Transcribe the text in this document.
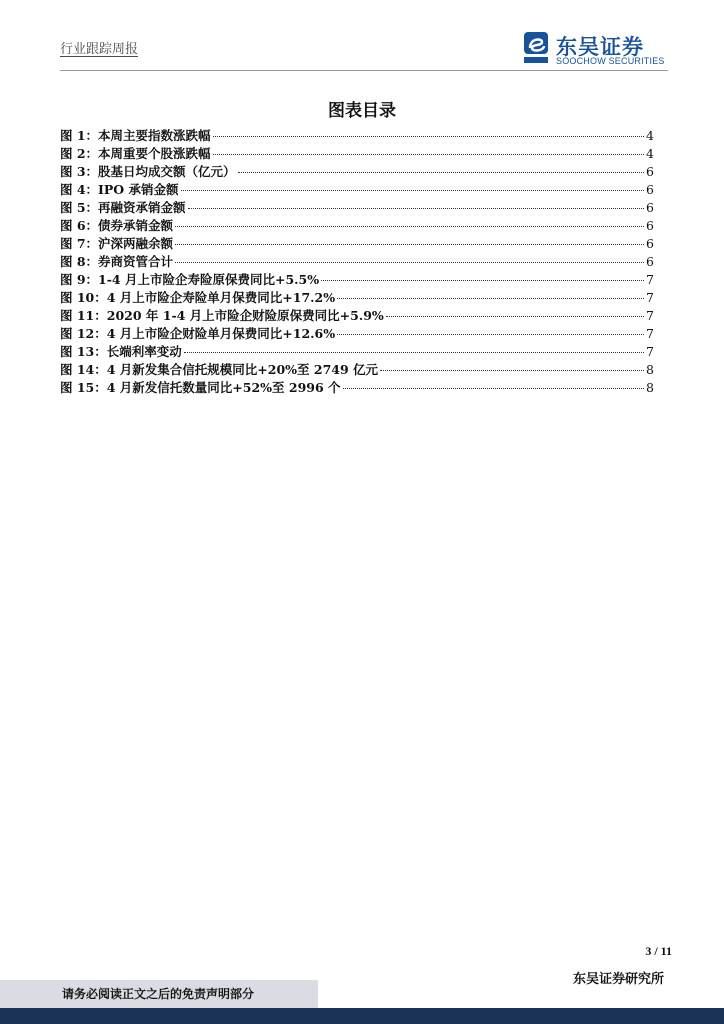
行业跟踪周报	东吴证券
SOOCHOW SECURITIES
图表目录
图 1：本周主要指数涨跌幅	4
图 2：本周重要个股涨跌幅	4
图 3：股基日均成交额（亿元）	6
图 4：IPO 承销金额	6
图 5：再融资承销金额	6
图 6：债券承销金额	6
图 7：沪深两融余额	6
图 8：券商资管合计	6
图 9：1-4 月上市险企寿险原保费同比+5.5%	7
图 10：4 月上市险企寿险单月保费同比+17.2%	7
图 11：2020 年 1-4 月上市险企财险原保费同比+5.9%	7
图 12：4 月上市险企财险单月保费同比+12.6%	7
图 13：长端利率变动	7
图 14：4 月新发集合信托规模同比+20%至 2749 亿元	8
图 15：4 月新发信托数量同比+52%至 2996 个	8
3 / 11
东吴证券研究所
请务必阅读正文之后的免责声明部分
